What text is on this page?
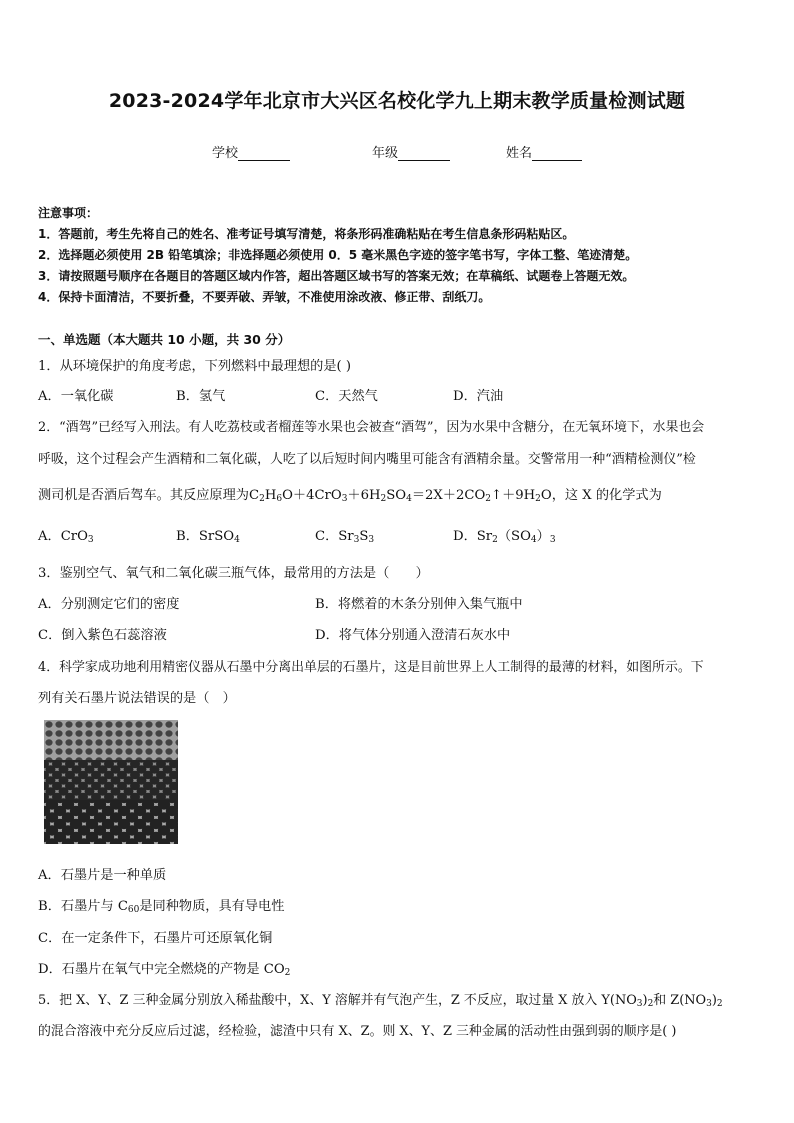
2023-2024学年北京市大兴区名校化学九上期末教学质量检测试题
学校	年级	姓名
注意事项：
1．答题前，考生先将自己的姓名、准考证号填写清楚，将条形码准确粘贴在考生信息条形码粘贴区。
2．选择题必须使用 2B 铅笔填涂；非选择题必须使用 0．5 毫米黑色字迹的签字笔书写，字体工整、笔迹清楚。
3．请按照题号顺序在各题目的答题区域内作答，超出答题区域书写的答案无效；在草稿纸、试题卷上答题无效。
4．保持卡面清洁，不要折叠，不要弄破、弄皱，不准使用涂改液、修正带、刮纸刀。
一、单选题（本大题共 10 小题，共 30 分）
1．从环境保护的角度考虑，下列燃料中最理想的是( )
A．一氧化碳	B．氢气	C．天然气	D．汽油
2．“酒驾”已经写入刑法。有人吃荔枝或者榴莲等水果也会被查“酒驾”，因为水果中含糖分，在无氧环境下，水果也会
呼吸，这个过程会产生酒精和二氧化碳，人吃了以后短时间内嘴里可能含有酒精余量。交警常用一种“酒精检测仪”检
测司机是否酒后驾车。其反应原理为$C_2H_6O+4CrO_3+6H_2SO_4=2X+2CO_2↑+9H_2O$，这 X 的化学式为
A．CrO$_3$	B．SrSO$_4$	C．$Sr_3S_3$	D．$Sr_2(SO_4)_3$
3．鉴别空气、氧气和二氧化碳三瓶气体，最常用的方法是（　　）
A．分别测定它们的密度	B．将燃着的木条分别伸入集气瓶中
C．倒入紫色石蕊溶液	D．将气体分别通入澄清石灰水中
4．科学家成功地利用精密仪器从石墨中分离出单层的石墨片，这是目前世界上人工制得的最薄的材料，如图所示。下
列有关石墨片说法错误的是（　）
A．石墨片是一种单质
B．石墨片与 $C_{60}$是同种物质，具有导电性
C．在一定条件下，石墨片可还原氧化铜
D．石墨片在氧气中完全燃烧的产物是 $CO_2$
5．把 X、Y、Z 三种金属分别放入稀盐酸中，X、Y 溶解并有气泡产生，Z 不反应，取过量 X 放入 $Y(NO_3)_2$和 $Z(NO_3)_2$
的混合溶液中充分反应后过滤，经检验，滤渣中只有 X、Z。则 X、Y、Z 三种金属的活动性由强到弱的顺序是( )
